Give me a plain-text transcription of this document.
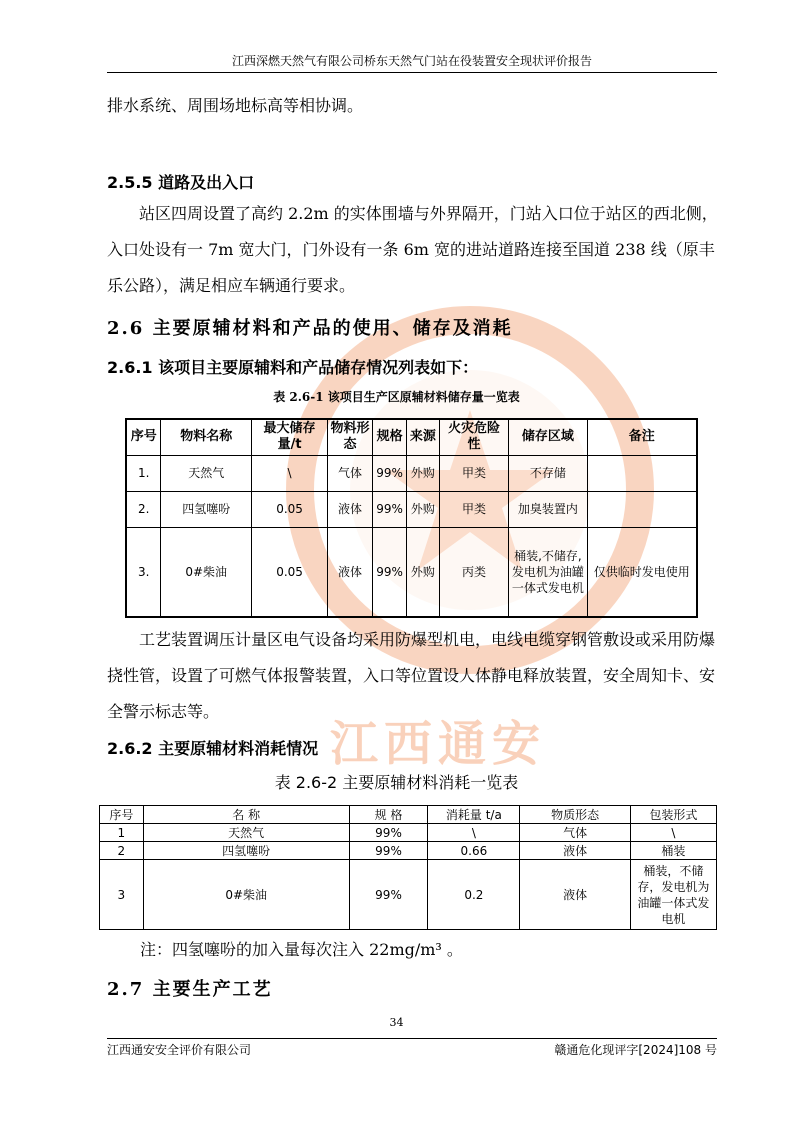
江西通安
江西深燃天然气有限公司桥东天然气门站在役装置安全现状评价报告
排水系统、周围场地标高等相协调。
2.5.5 道路及出入口
站区四周设置了高约 2.2m 的实体围墙与外界隔开，门站入口位于站区的西北侧，入口处设有一 7m 宽大门，门外设有一条 6m 宽的进站道路连接至国道 238 线（原丰乐公路），满足相应车辆通行要求。
2.6 主要原辅材料和产品的使用、储存及消耗
2.6.1 该项目主要原辅料和产品储存情况列表如下：
表 2.6-1 该项目生产区原辅材料储存量一览表
序号	物料名称	最大储存量/t	物料形态	规格	来源	火灾危险性	储存区域	备注
1.	天然气	\	气体	99%	外购	甲类	不存储	
2.	四氢噻吩	0.05	液体	99%	外购	甲类	加臭装置内	
3.	0#柴油	0.05	液体	99%	外购	丙类	桶装,不储存,发电机为油罐一体式发电机	仅供临时发电使用
工艺装置调压计量区电气设备均采用防爆型机电，电线电缆穿钢管敷设或采用防爆挠性管，设置了可燃气体报警装置，入口等位置设人体静电释放装置，安全周知卡、安全警示标志等。
2.6.2 主要原辅材料消耗情况
表 2.6-2 主要原辅材料消耗一览表
序号	名 称	规 格	消耗量 t/a	物质形态	包装形式
1	天然气	99%	\	气体	\
2	四氢噻吩	99%	0.66	液体	桶装
3	0#柴油	99%	0.2	液体	桶装，不储存，发电机为油罐一体式发电机
注：四氢噻吩的加入量每次注入 22mg/m³ 。
2.7 主要生产工艺
34
江西通安安全评价有限公司	赣通危化现评字[2024]108 号
